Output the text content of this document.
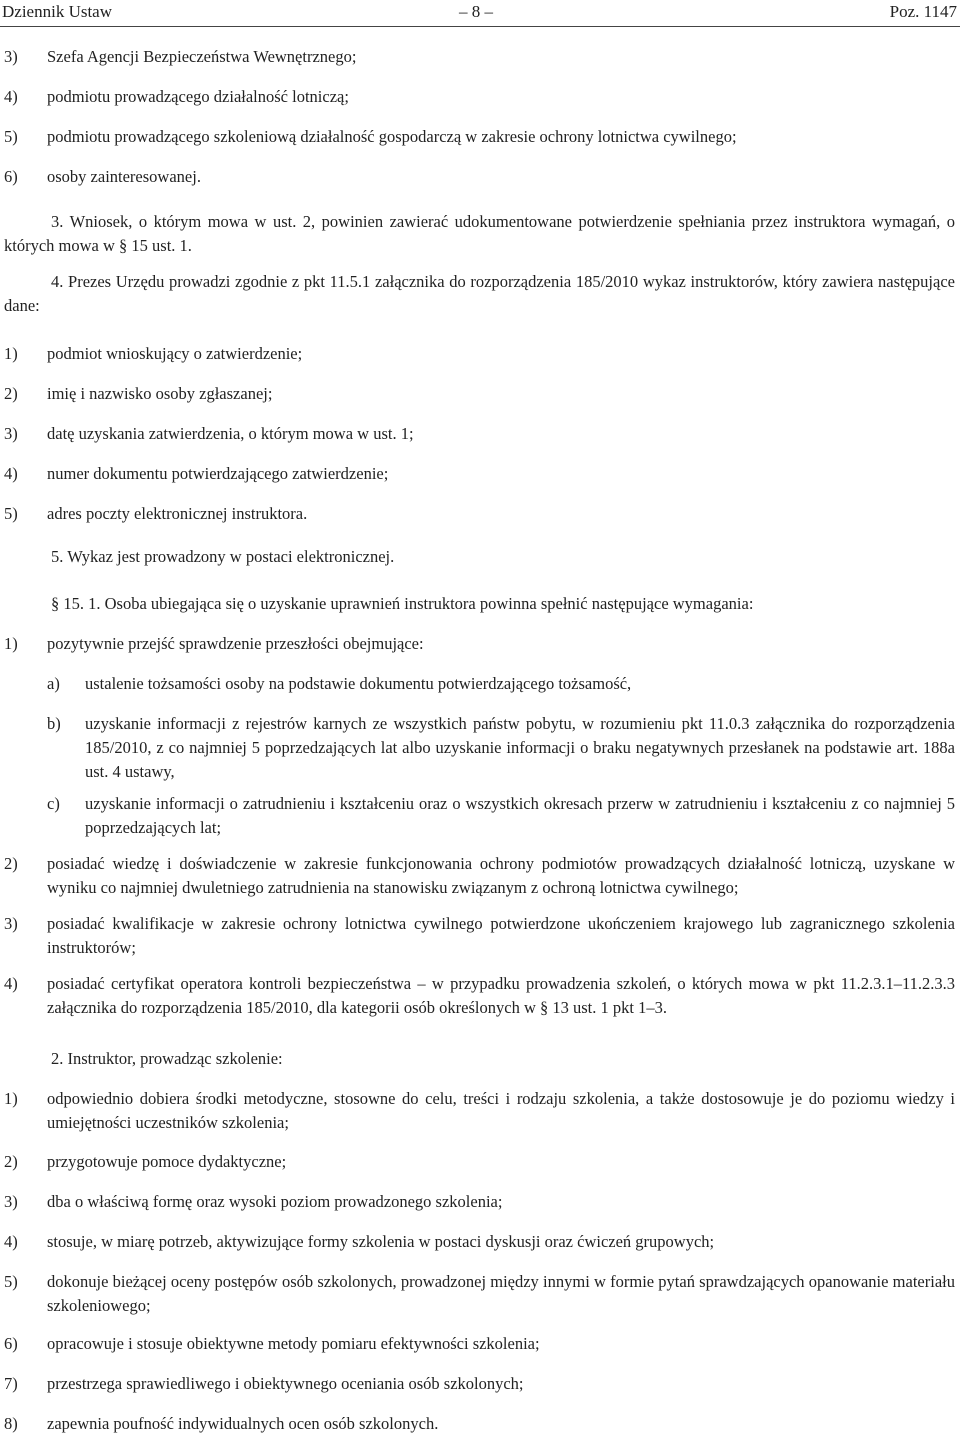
Dziennik Ustaw	– 8 –	Poz. 1147
3) Szefa Agencji Bezpieczeństwa Wewnętrznego;
4) podmiotu prowadzącego działalność lotniczą;
5) podmiotu prowadzącego szkoleniową działalność gospodarczą w zakresie ochrony lotnictwa cywilnego;
6) osoby zainteresowanej.
3. Wniosek, o którym mowa w ust. 2, powinien zawierać udokumentowane potwierdzenie spełniania przez instruktora wymagań, o których mowa w § 15 ust. 1.
4. Prezes Urzędu prowadzi zgodnie z pkt 11.5.1 załącznika do rozporządzenia 185/2010 wykaz instruktorów, który zawiera następujące dane:
1) podmiot wnioskujący o zatwierdzenie;
2) imię i nazwisko osoby zgłaszanej;
3) datę uzyskania zatwierdzenia, o którym mowa w ust. 1;
4) numer dokumentu potwierdzającego zatwierdzenie;
5) adres poczty elektronicznej instruktora.
5. Wykaz jest prowadzony w postaci elektronicznej.
§ 15. 1. Osoba ubiegająca się o uzyskanie uprawnień instruktora powinna spełnić następujące wymagania:
1) pozytywnie przejść sprawdzenie przeszłości obejmujące:
a) ustalenie tożsamości osoby na podstawie dokumentu potwierdzającego tożsamość,
b) uzyskanie informacji z rejestrów karnych ze wszystkich państw pobytu, w rozumieniu pkt 11.0.3 załącznika do rozporządzenia 185/2010, z co najmniej 5 poprzedzających lat albo uzyskanie informacji o braku negatywnych przesłanek na podstawie art. 188a ust. 4 ustawy,
c) uzyskanie informacji o zatrudnieniu i kształceniu oraz o wszystkich okresach przerw w zatrudnieniu i kształceniu z co najmniej 5 poprzedzających lat;
2) posiadać wiedzę i doświadczenie w zakresie funkcjonowania ochrony podmiotów prowadzących działalność lotniczą, uzyskane w wyniku co najmniej dwuletniego zatrudnienia na stanowisku związanym z ochroną lotnictwa cywilnego;
3) posiadać kwalifikacje w zakresie ochrony lotnictwa cywilnego potwierdzone ukończeniem krajowego lub zagranicznego szkolenia instruktorów;
4) posiadać certyfikat operatora kontroli bezpieczeństwa – w przypadku prowadzenia szkoleń, o których mowa w pkt 11.2.3.1–11.2.3.3 załącznika do rozporządzenia 185/2010, dla kategorii osób określonych w § 13 ust. 1 pkt 1–3.
2. Instruktor, prowadząc szkolenie:
1) odpowiednio dobiera środki metodyczne, stosowne do celu, treści i rodzaju szkolenia, a także dostosowuje je do poziomu wiedzy i umiejętności uczestników szkolenia;
2) przygotowuje pomoce dydaktyczne;
3) dba o właściwą formę oraz wysoki poziom prowadzonego szkolenia;
4) stosuje, w miarę potrzeb, aktywizujące formy szkolenia w postaci dyskusji oraz ćwiczeń grupowych;
5) dokonuje bieżącej oceny postępów osób szkolonych, prowadzonej między innymi w formie pytań sprawdzających opanowanie materiału szkoleniowego;
6) opracowuje i stosuje obiektywne metody pomiaru efektywności szkolenia;
7) przestrzega sprawiedliwego i obiektywnego oceniania osób szkolonych;
8) zapewnia poufność indywidualnych ocen osób szkolonych.
